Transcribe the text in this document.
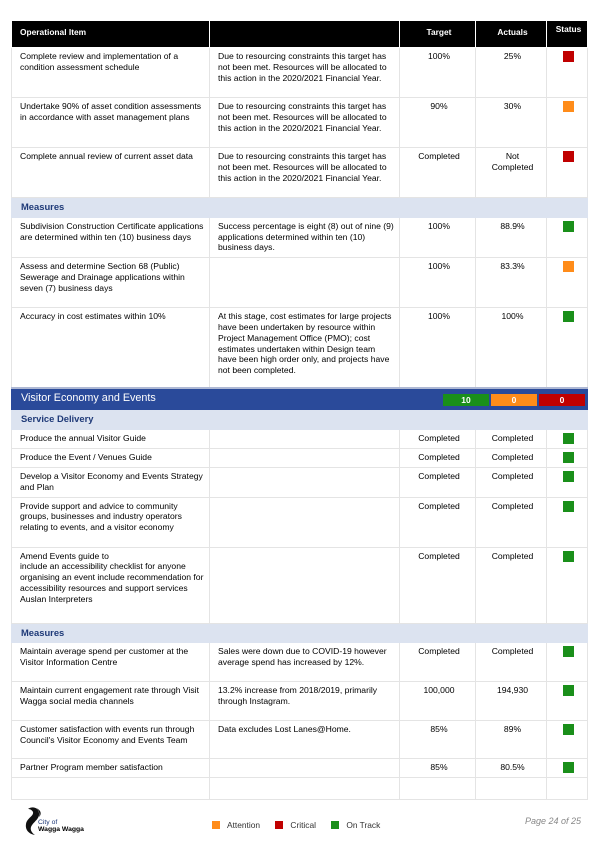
Operational Item		Target	Actuals	Status
Complete review and implementation of a condition assessment schedule	Due to resourcing constraints this target has not been met. Resources will be allocated to this action in the 2020/2021 Financial Year.	100%	25%	
Undertake 90% of asset condition assessments in accordance with asset management plans	Due to resourcing constraints this target has not been met. Resources will be allocated to this action in the 2020/2021 Financial Year.	90%	30%	
Complete annual review of current asset data	Due to resourcing constraints this target has not been met. Resources will be allocated to this action in the 2020/2021 Financial Year.	Completed	Not Completed	
Measures				
Subdivision Construction Certificate applications are determined within ten (10) business days	Success percentage is eight (8) out of nine (9) applications determined within ten (10) business days.	100%	88.9%	
Assess and determine Section 68 (Public) Sewerage and Drainage applications within seven (7) business days		100%	83.3%	
Accuracy in cost estimates within 10%	At this stage, cost estimates for large projects have been undertaken by resource within Project Management Office (PMO); cost estimates undertaken within Design team have been high order only, and projects have not been completed.	100%	100%	

Visitor Economy and Events 10 0 0				

Service Delivery				
Produce the annual Visitor Guide		Completed	Completed	
Produce the Event / Venues Guide		Completed	Completed	
Develop a Visitor Economy and Events Strategy and Plan		Completed	Completed	
Provide support and advice to community groups, businesses and industry operators relating to events, and a visitor economy		Completed	Completed	
Amend Events guide to
include an accessibility checklist for anyone organising an event include recommendation for accessibility resources and support services Auslan Interpreters		Completed	Completed	
Measures				
Maintain average spend per customer at the Visitor Information Centre	Sales were down due to COVID-19 however average spend has increased by 12%.	Completed	Completed	
Maintain current engagement rate through Visit Wagga social media channels	13.2% increase from 2018/2019, primarily through Instagram.	100,000	194,930	
Customer satisfaction with events run through Council's Visitor Economy and Events Team	Data excludes Lost Lanes@Home.	85%	89%	
Partner Program member satisfaction		85%	80.5%	

City of
Wagga Wagga	Attention	Critical	On Track	Page 24 of 25
